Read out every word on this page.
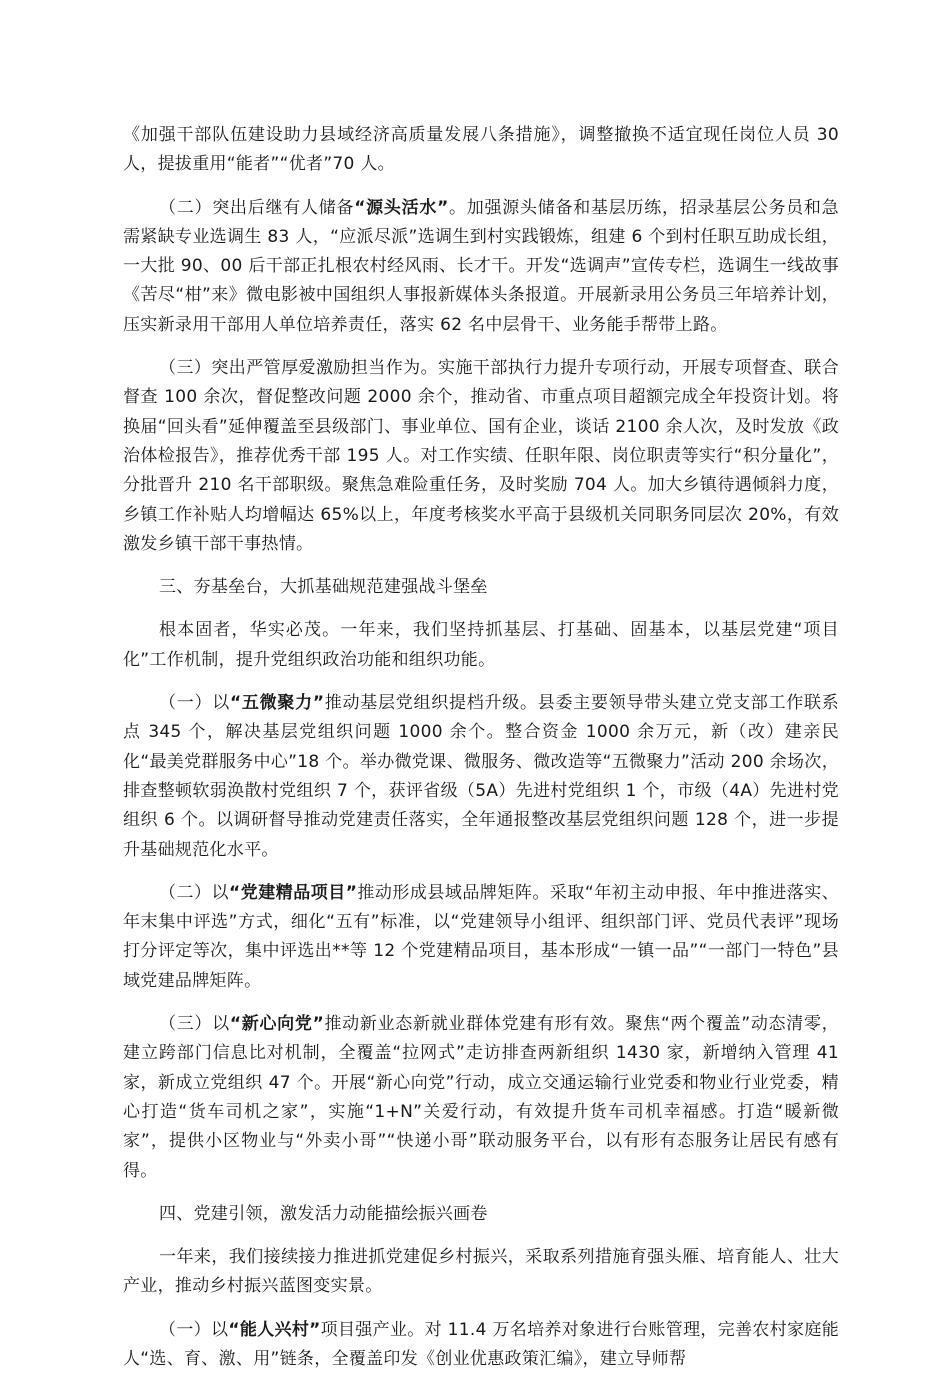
《加强干部队伍建设助力县域经济高质量发展八条措施》，调整撤换不适宜现任岗位人员 30 人，提拔重用“能者”“优者”70 人。

（二）突出后继有人储备“源头活水”。加强源头储备和基层历练，招录基层公务员和急需紧缺专业选调生 83 人，“应派尽派”选调生到村实践锻炼，组建 6 个到村任职互助成长组，一大批 90、00 后干部正扎根农村经风雨、长才干。开发“选调声”宣传专栏，选调生一线故事《苦尽“柑”来》微电影被中国组织人事报新媒体头条报道。开展新录用公务员三年培养计划，压实新录用干部用人单位培养责任，落实 62 名中层骨干、业务能手帮带上路。

（三）突出严管厚爱激励担当作为。实施干部执行力提升专项行动，开展专项督查、联合督查 100 余次，督促整改问题 2000 余个，推动省、市重点项目超额完成全年投资计划。将换届“回头看”延伸覆盖至县级部门、事业单位、国有企业，谈话 2100 余人次，及时发放《政治体检报告》，推荐优秀干部 195 人。对工作实绩、任职年限、岗位职责等实行“积分量化”，分批晋升 210 名干部职级。聚焦急难险重任务，及时奖励 704 人。加大乡镇待遇倾斜力度，乡镇工作补贴人均增幅达 65%以上，年度考核奖水平高于县级机关同职务同层次 20%，有效激发乡镇干部干事热情。

三、夯基垒台，大抓基础规范建强战斗堡垒

根本固者，华实必茂。一年来，我们坚持抓基层、打基础、固基本，以基层党建“项目化”工作机制，提升党组织政治功能和组织功能。

（一）以“五微聚力”推动基层党组织提档升级。县委主要领导带头建立党支部工作联系点 345 个，解决基层党组织问题 1000 余个。整合资金 1000 余万元，新（改）建亲民化“最美党群服务中心”18 个。举办微党课、微服务、微改造等“五微聚力”活动 200 余场次，排查整顿软弱涣散村党组织 7 个，获评省级（5A）先进村党组织 1 个，市级（4A）先进村党组织 6 个。以调研督导推动党建责任落实，全年通报整改基层党组织问题 128 个，进一步提升基础规范化水平。

（二）以“党建精品项目”推动形成县域品牌矩阵。采取“年初主动申报、年中推进落实、年末集中评选”方式，细化“五有”标准，以“党建领导小组评、组织部门评、党员代表评”现场打分评定等次，集中评选出**等 12 个党建精品项目，基本形成“一镇一品”“一部门一特色”县域党建品牌矩阵。

（三）以“新心向党”推动新业态新就业群体党建有形有效。聚焦“两个覆盖”动态清零，建立跨部门信息比对机制，全覆盖“拉网式”走访排查两新组织 1430 家，新增纳入管理 41 家，新成立党组织 47 个。开展“新心向党”行动，成立交通运输行业党委和物业行业党委，精心打造“货车司机之家”，实施“1+N”关爱行动，有效提升货车司机幸福感。打造“暖新微家”，提供小区物业与“外卖小哥”“快递小哥”联动服务平台，以有形有态服务让居民有感有得。

四、党建引领，激发活力动能描绘振兴画卷

一年来，我们接续接力推进抓党建促乡村振兴，采取系列措施育强头雁、培育能人、壮大产业，推动乡村振兴蓝图变实景。

（一）以“能人兴村”项目强产业。对 11.4 万名培养对象进行台账管理，完善农村家庭能人“选、育、激、用”链条，全覆盖印发《创业优惠政策汇编》，建立导师帮
